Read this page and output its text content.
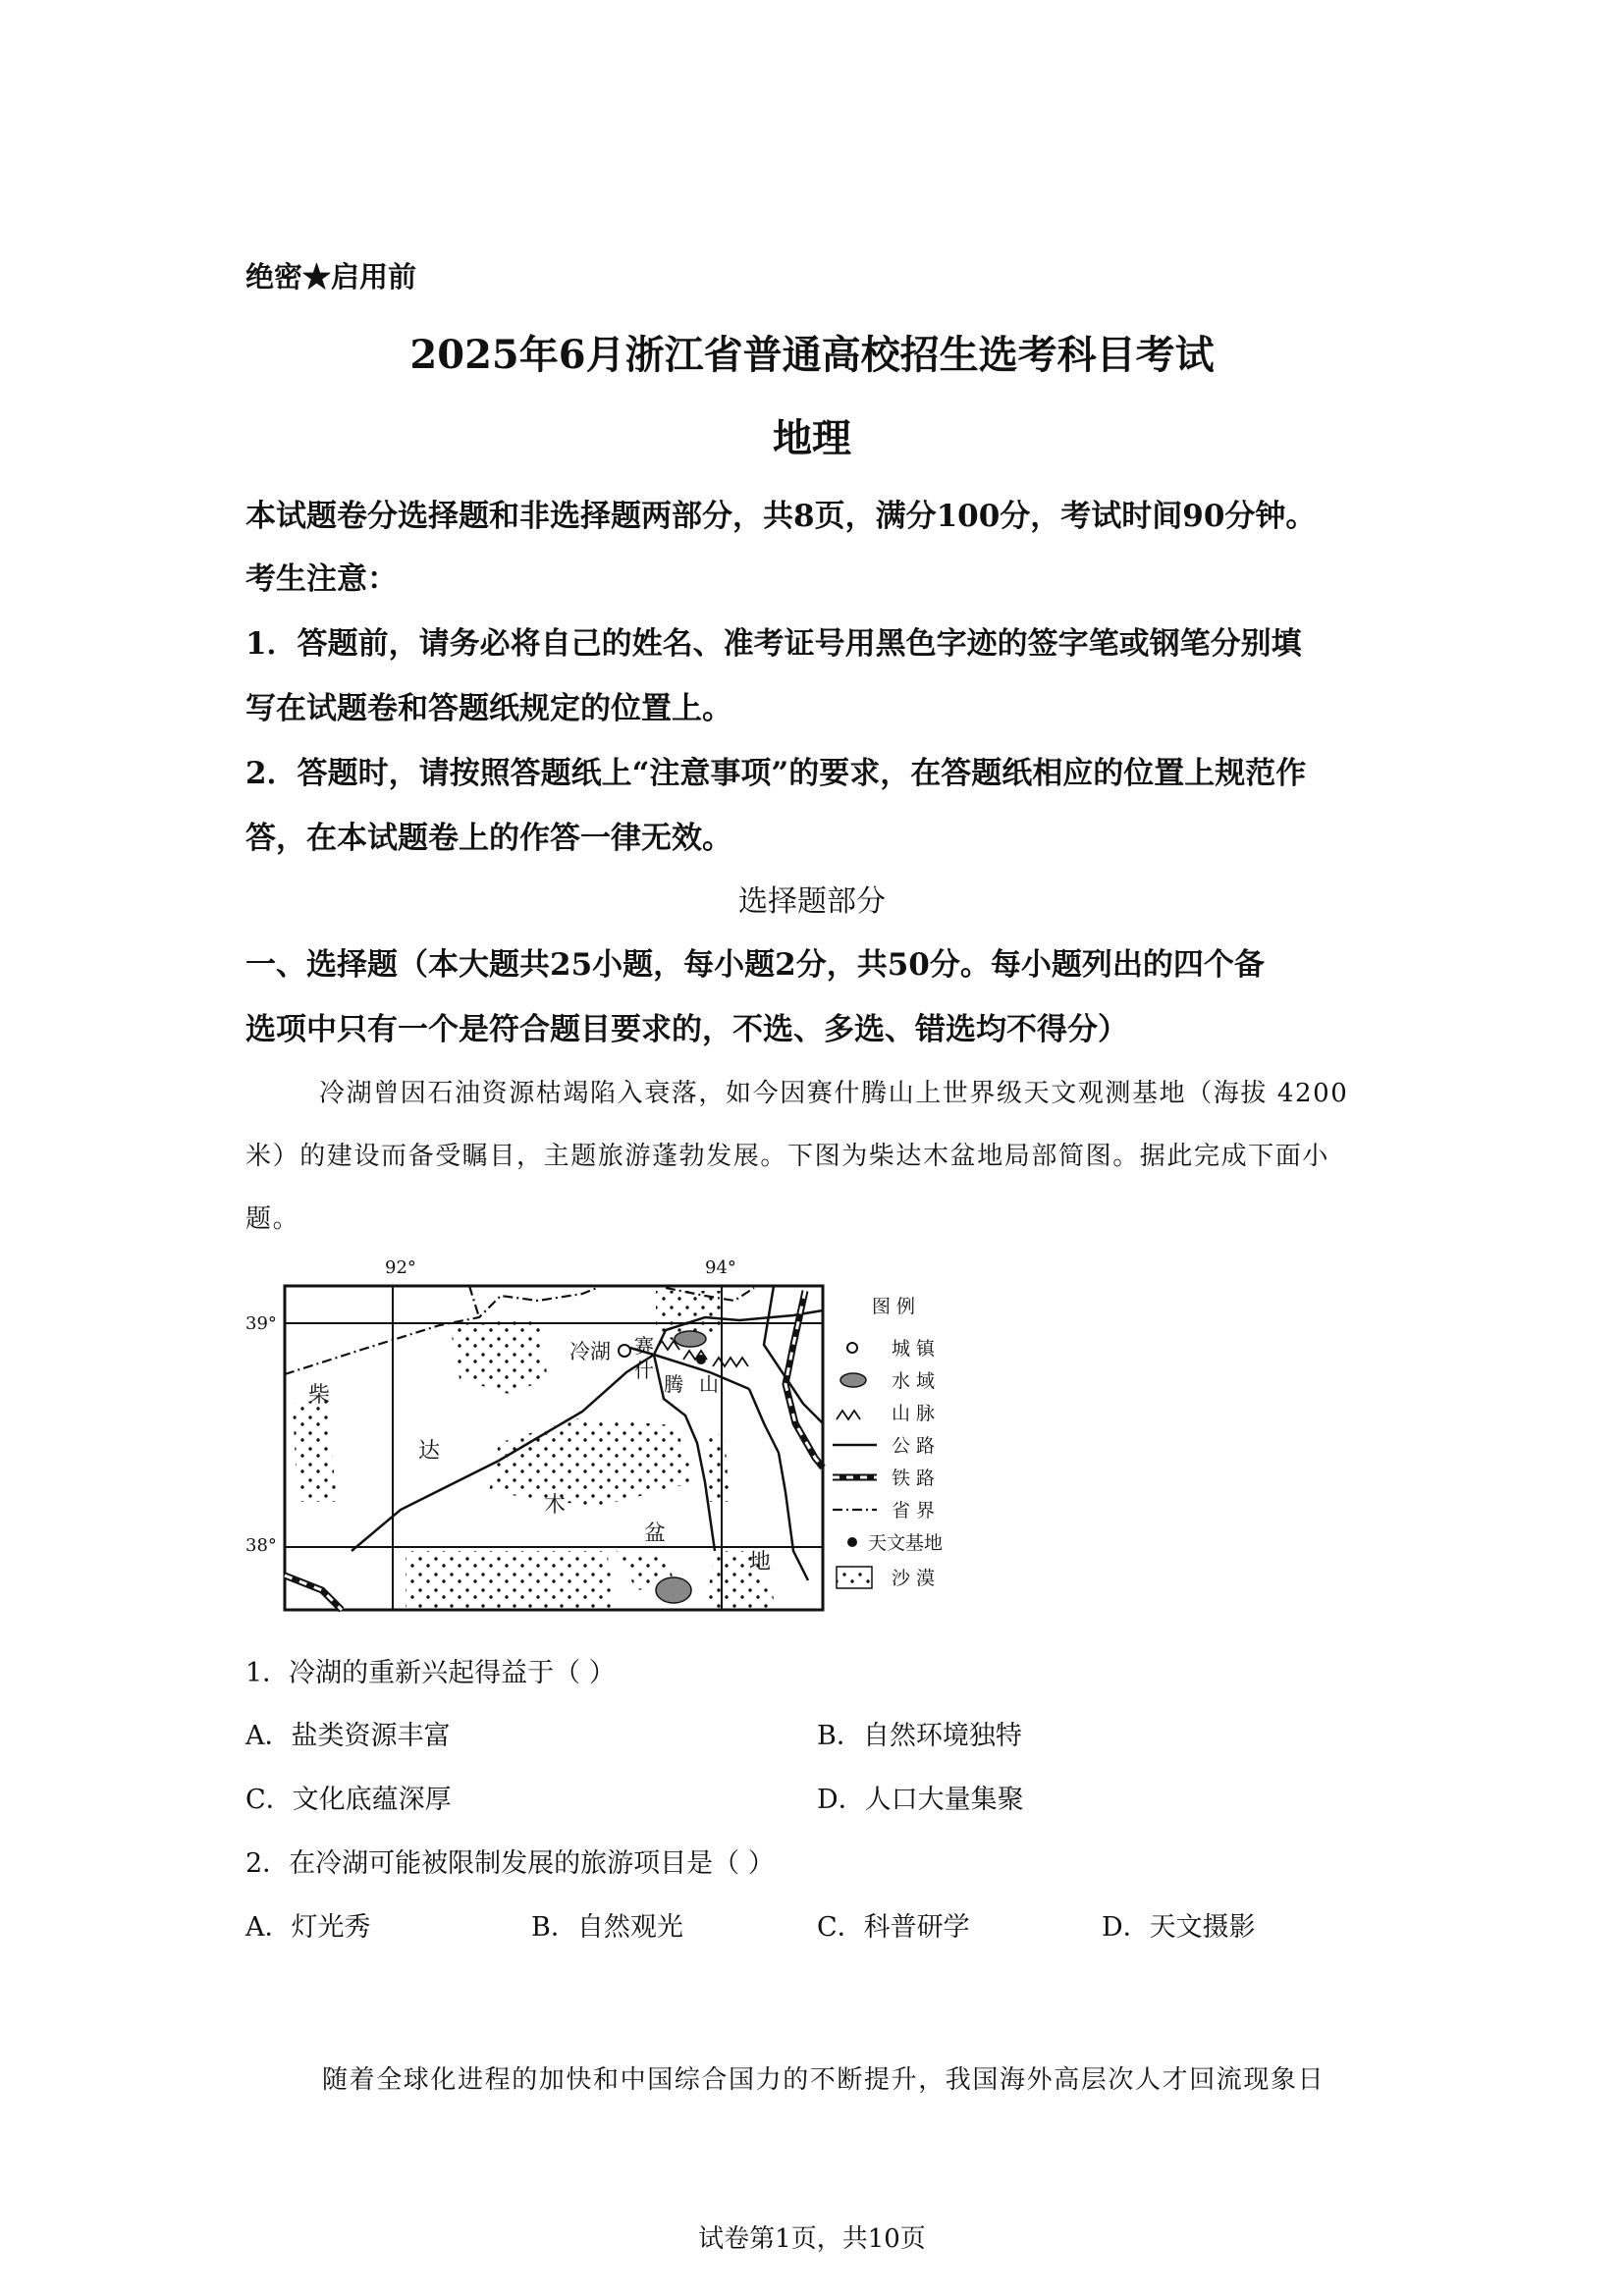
绝密★启用前
2025年6月浙江省普通高校招生选考科目考试
地理
本试题卷分选择题和非选择题两部分，共8页，满分100分，考试时间90分钟。
考生注意：
1．答题前，请务必将自己的姓名、准考证号用黑色字迹的签字笔或钢笔分别填
写在试题卷和答题纸规定的位置上。
2．答题时，请按照答题纸上“注意事项”的要求，在答题纸相应的位置上规范作
答，在本试题卷上的作答一律无效。
选择题部分
一、选择题（本大题共25小题，每小题2分，共50分。每小题列出的四个备
选项中只有一个是符合题目要求的，不选、多选、错选均不得分）
冷湖曾因石油资源枯竭陷入衰落，如今因赛什腾山上世界级天文观测基地（海拔 4200
米）的建设而备受瞩目，主题旅游蓬勃发展。下图为柴达木盆地局部简图。据此完成下面小
题。
92°	94°
39°
38°
冷湖
柴
达
木
盆
地
赛
什
腾 山
图 例
城 镇
水 域
山 脉
公 路
铁 路
省 界
天文基地
沙 漠
1．冷湖的重新兴起得益于（ ）
A．盐类资源丰富	B．自然环境独特
C．文化底蕴深厚	D．人口大量集聚
2．在冷湖可能被限制发展的旅游项目是（ ）
A．灯光秀	B．自然观光	C．科普研学	D．天文摄影
随着全球化进程的加快和中国综合国力的不断提升，我国海外高层次人才回流现象日
试卷第1页，共10页
